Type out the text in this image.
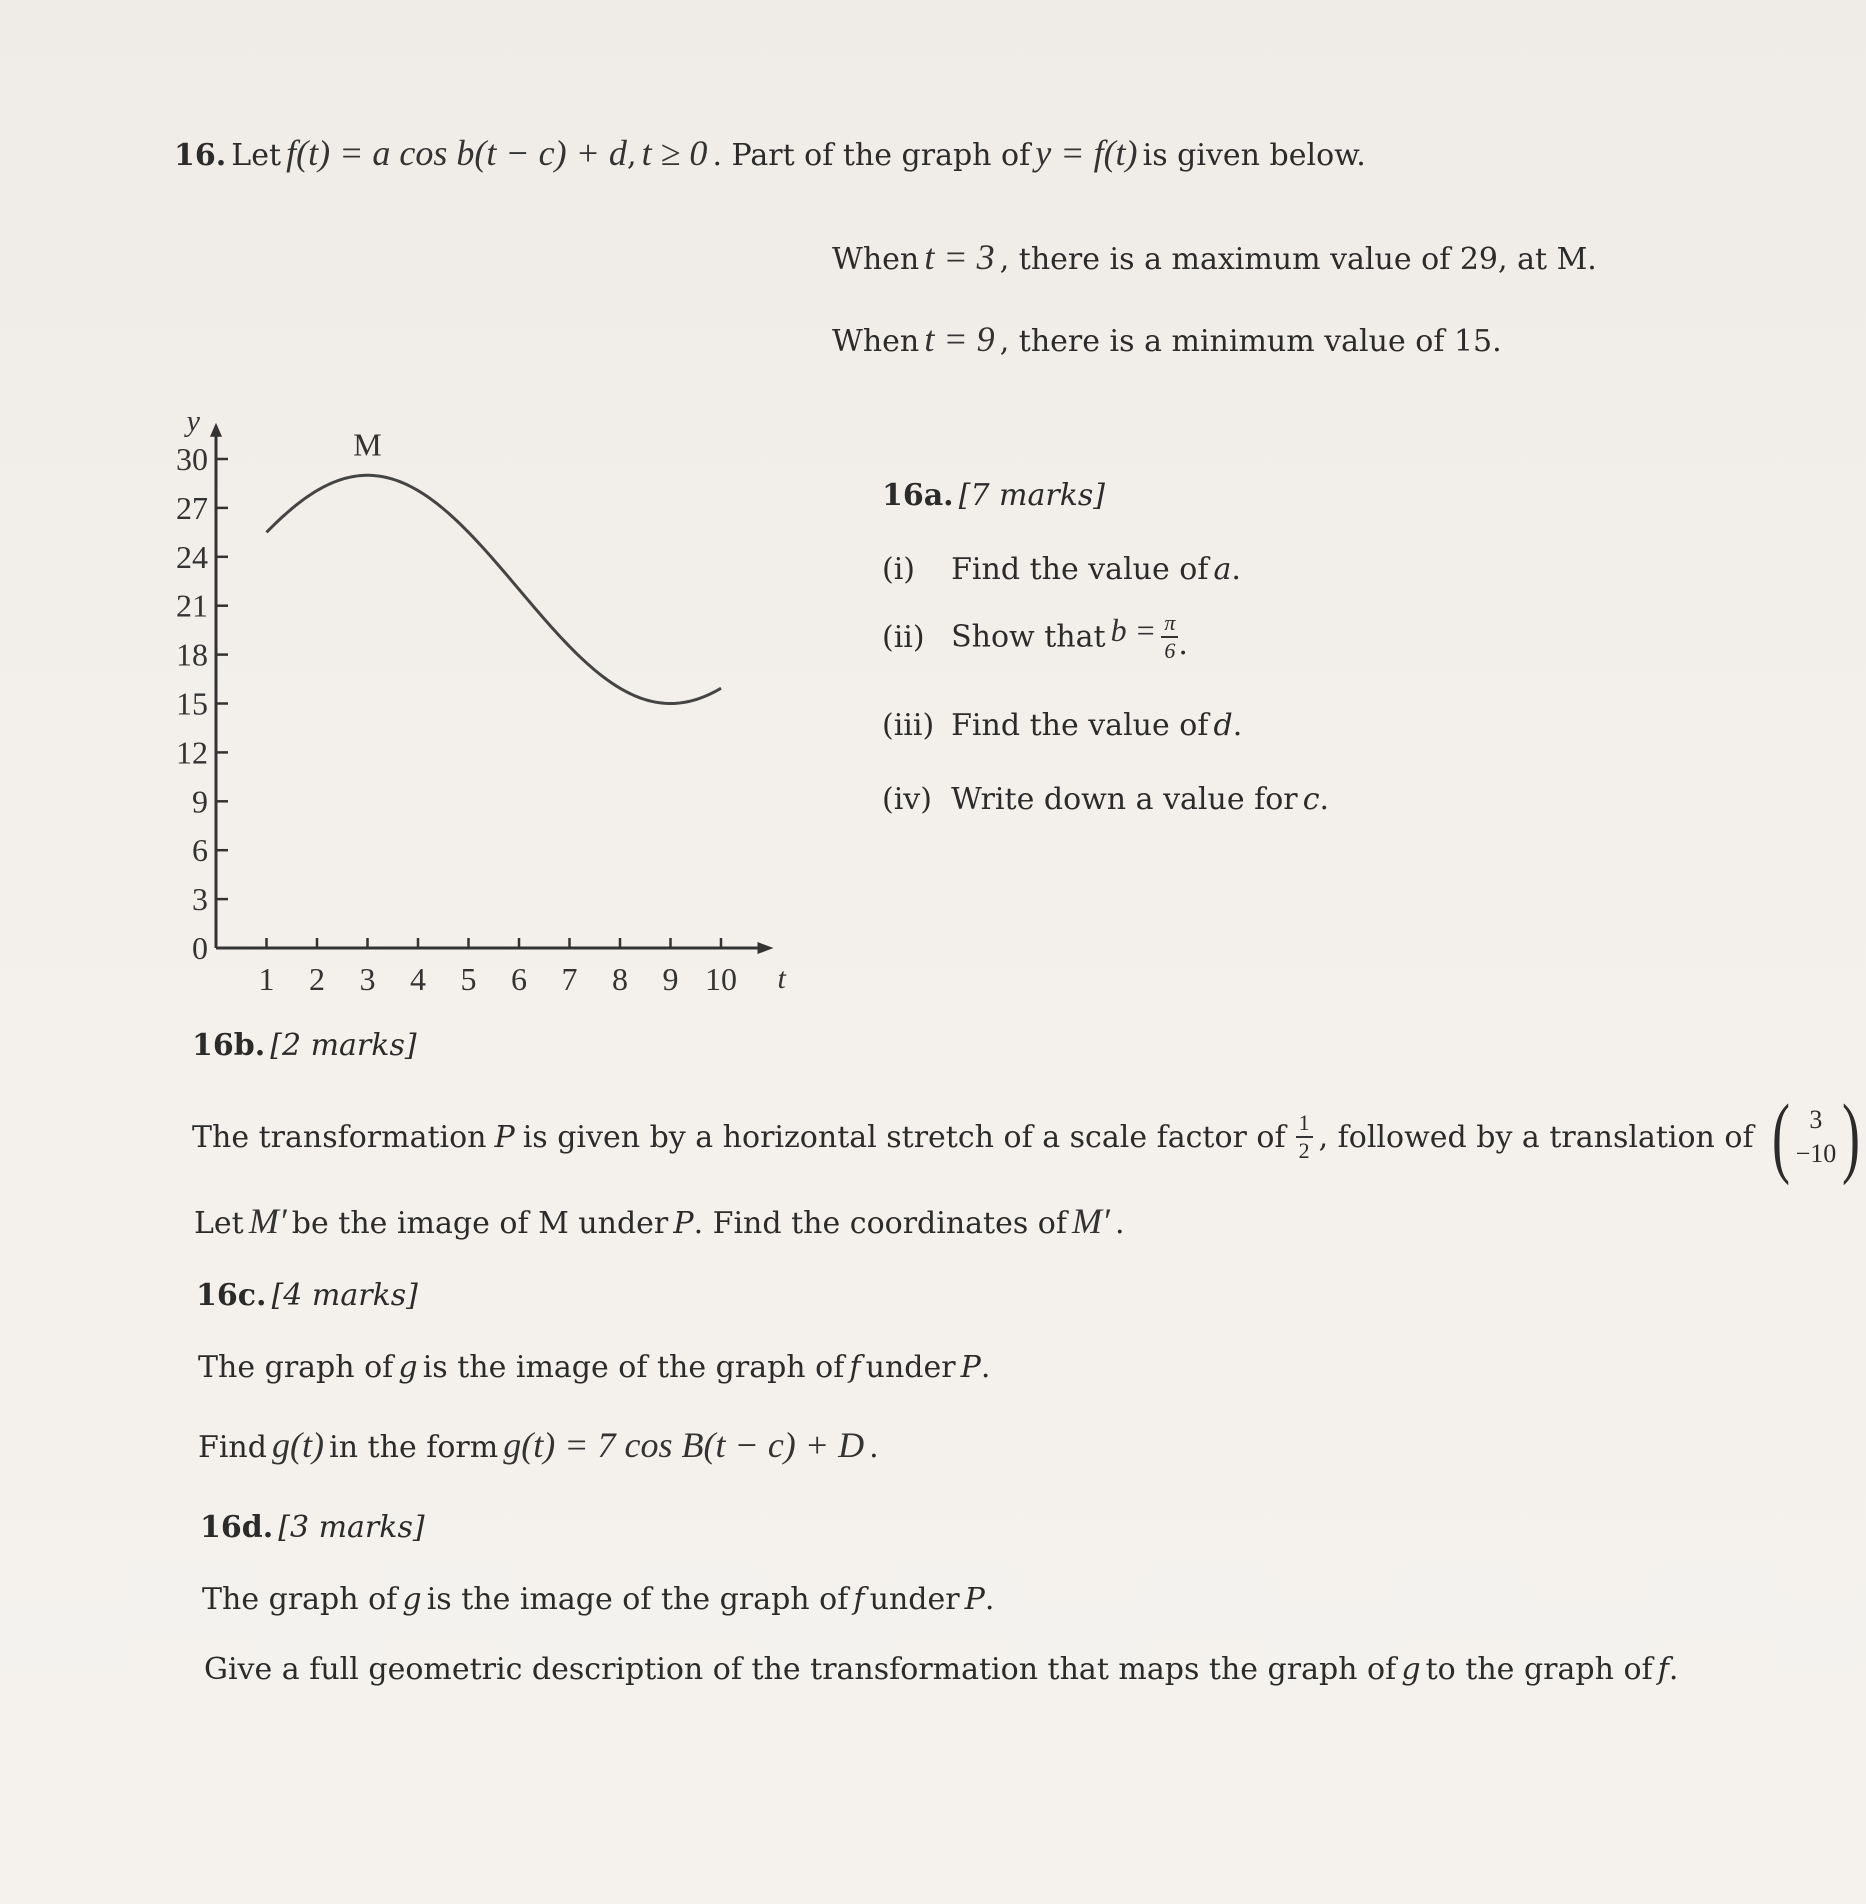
16. Let f(t) = a cos b(t − c) + d, t ≥ 0 . Part of the graph of y = f(t) is given below.
y
t
0
3
6
9
12
15
18
21
24
27
30
1 2 3 4 5 6 7 8 9 10
M
When t = 3 , there is a maximum value of 29, at M.
When t = 9 , there is a minimum value of 15.
16a. [7 marks]
(i) Find the value of a.
(ii) Show that $b = \frac{\pi}{6}$ .
(iii) Find the value of d.
(iv) Write down a value for c.
16b. [2 marks]
The transformation P is given by a horizontal stretch of a scale factor of $\frac{1}{2}$ , followed by a translation of ( 3
−10 )
Let M′ be the image of M under P. Find the coordinates of M′ .
16c. [4 marks]
The graph of g is the image of the graph of f under P.
Find g(t) in the form g(t) = 7 cos B(t − c) + D .
16d. [3 marks]
The graph of g is the image of the graph of f under P.
Give a full geometric description of the transformation that maps the graph of g to the graph of f.
